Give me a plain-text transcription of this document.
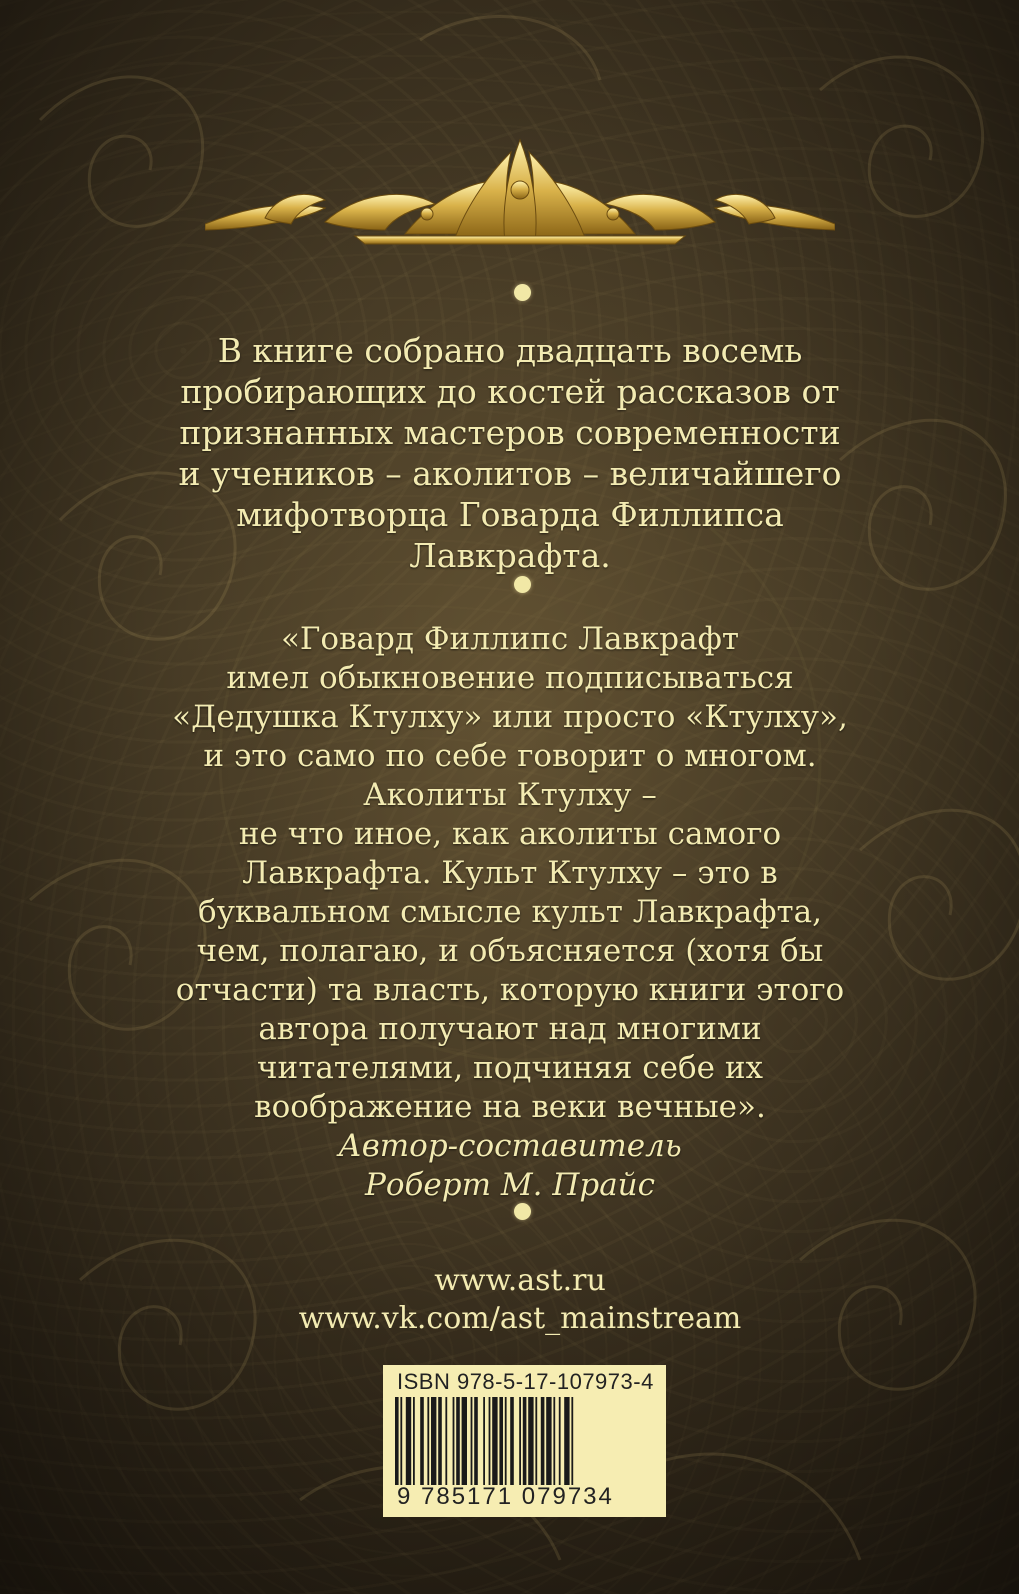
В книге собрано двадцать восемь
пробирающих до костей рассказов от
признанных мастеров современности
и учеников – аколитов – величайшего
мифотворца Говарда Филлипса
Лавкрафта.
«Говард Филлипс Лавкрафт
имел обыкновение подписываться
«Дедушка Ктулху» или просто «Ктулху»,
и это само по себе говорит о многом.
Аколиты Ктулху –
не что иное, как аколиты самого
Лавкрафта. Культ Ктулху – это в
буквальном смысле культ Лавкрафта,
чем, полагаю, и объясняется (хотя бы
отчасти) та власть, которую книги этого
автора получают над многими
читателями, подчиняя себе их
воображение на веки вечные».
Автор-составитель
Роберт М. Прайс
www.ast.ru
www.vk.com/ast_mainstream
ISBN 978-5-17-107973-4
9 785171 079734
